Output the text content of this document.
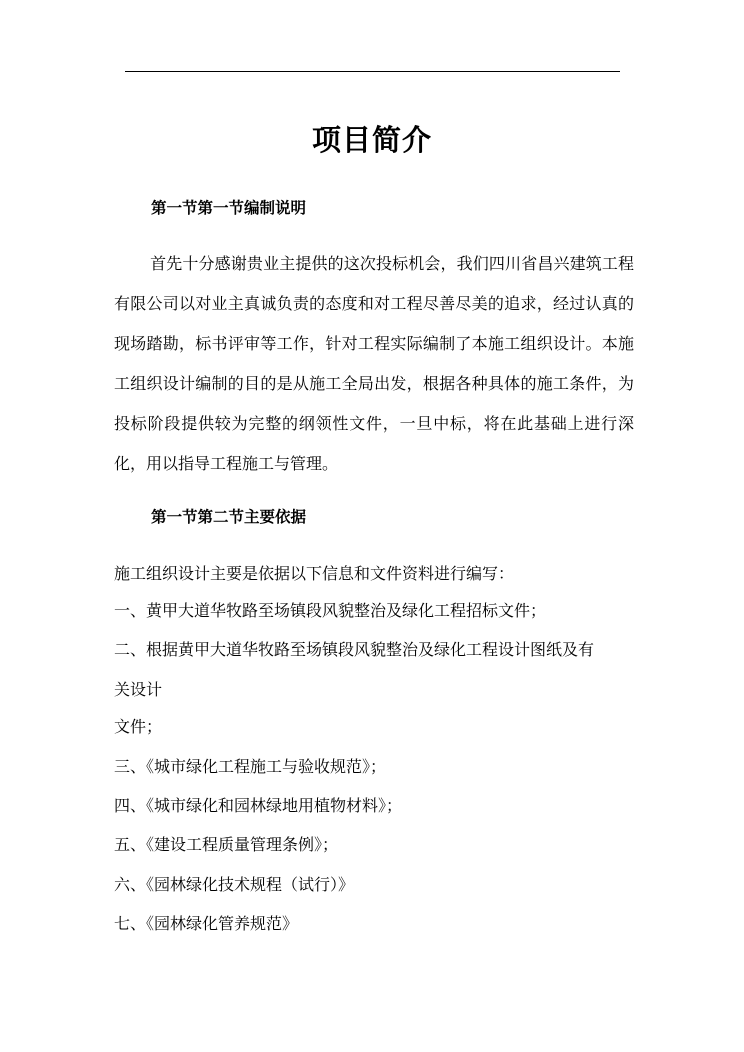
项目简介
第一节第一节编制说明

首先十分感谢贵业主提供的这次投标机会，我们四川省昌兴建筑工程有限公司以对业主真诚负责的态度和对工程尽善尽美的追求，经过认真的现场踏勘，标书评审等工作，针对工程实际编制了本施工组织设计。本施工组织设计编制的目的是从施工全局出发，根据各种具体的施工条件，为投标阶段提供较为完整的纲领性文件，一旦中标，将在此基础上进行深化，用以指导工程施工与管理。

第一节第二节主要依据

施工组织设计主要是依据以下信息和文件资料进行编写：

一、黄甲大道华牧路至场镇段风貌整治及绿化工程招标文件；

二、根据黄甲大道华牧路至场镇段风貌整治及绿化工程设计图纸及有

关设计

文件；

三、《城市绿化工程施工与验收规范》；

四、《城市绿化和园林绿地用植物材料》；

五、《建设工程质量管理条例》；

六、《园林绿化技术规程（试行）》

七、《园林绿化管养规范》
